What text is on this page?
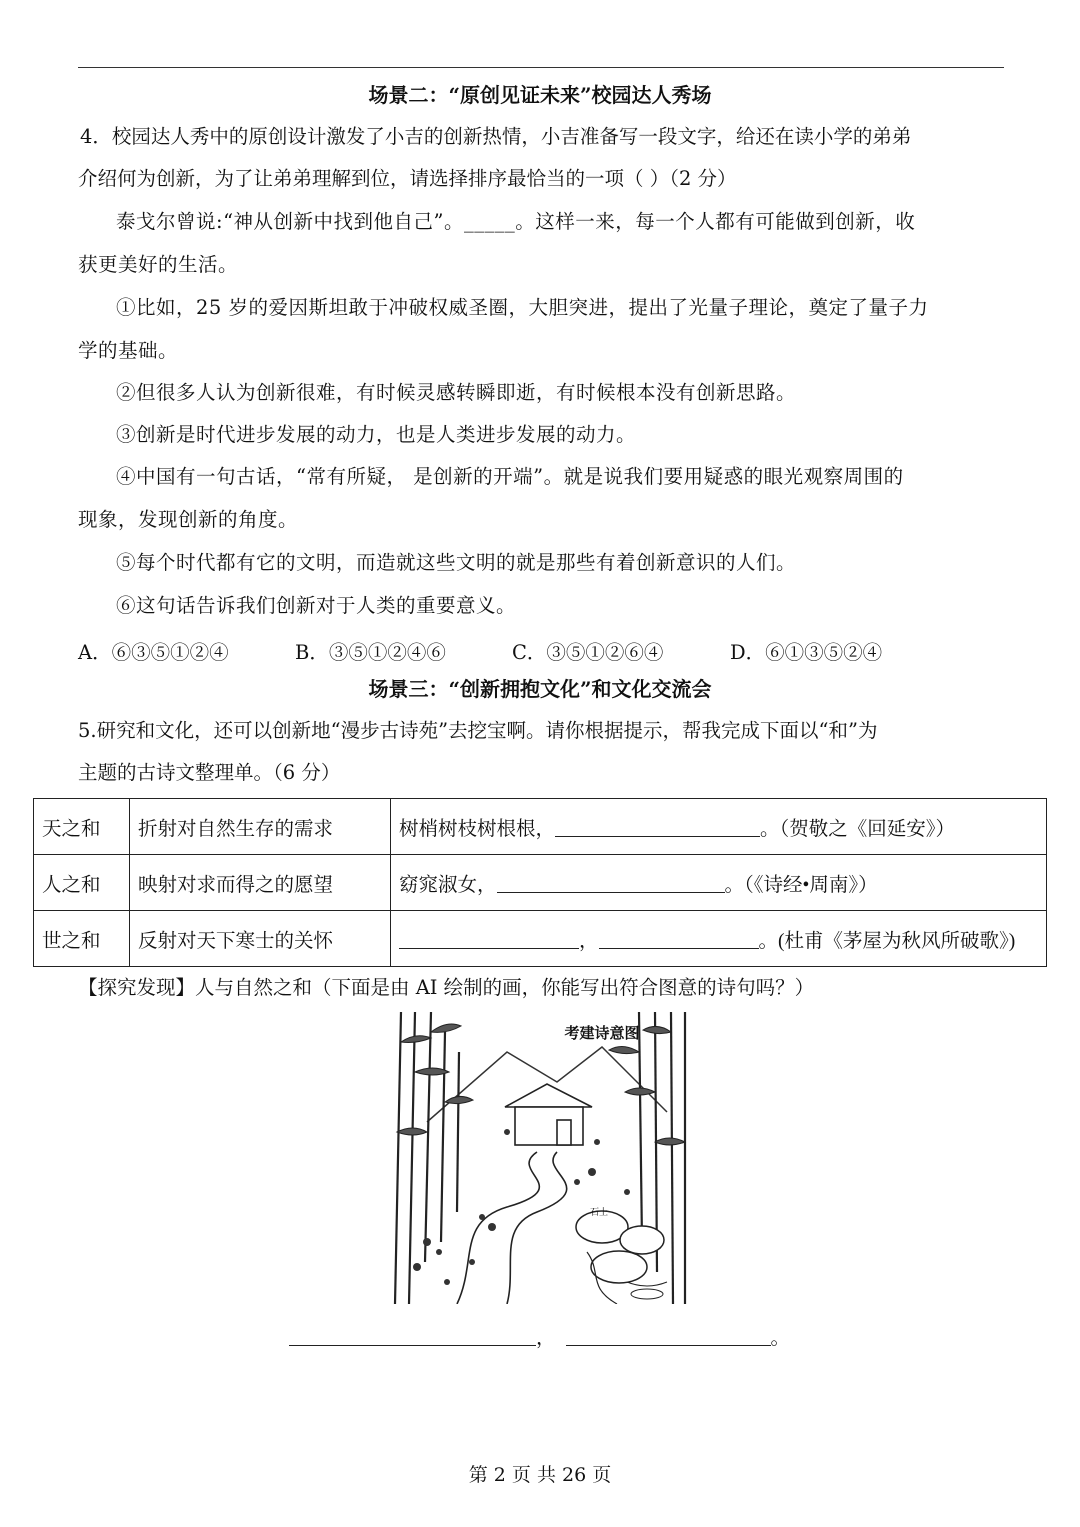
场景二：“原创见证未来”校园达人秀场
4．校园达人秀中的原创设计激发了小吉的创新热情，小吉准备写一段文字，给还在读小学的弟弟
介绍何为创新，为了让弟弟理解到位，请选择排序最恰当的一项（ ）（2 分）
泰戈尔曾说:“神从创新中找到他自己”。_____。这样一来，每一个人都有可能做到创新，收
获更美好的生活。
①比如，25 岁的爱因斯坦敢于冲破权威圣圈，大胆突进，提出了光量子理论，奠定了量子力
学的基础。
②但很多人认为创新很难，有时候灵感转瞬即逝，有时候根本没有创新思路。
③创新是时代进步发展的动力，也是人类进步发展的动力。
④中国有一句古话，“常有所疑， 是创新的开端”。就是说我们要用疑惑的眼光观察周围的
现象，发现创新的角度。
⑤每个时代都有它的文明，而造就这些文明的就是那些有着创新意识的人们。
⑥这句话告诉我们创新对于人类的重要意义。
A．⑥③⑤①②④	B．③⑤①②④⑥	C．③⑤①②⑥④	D．⑥①③⑤②④
场景三：“创新拥抱文化”和文化交流会
5.研究和文化，还可以创新地“漫步古诗苑”去挖宝啊。请你根据提示，帮我完成下面以“和”为
主题的古诗文整理单。（6 分）
天之和	折射对自然生存的需求	树梢树枝树根根， 。（贺敬之《回延安》）
人之和	映射对求而得之的愿望	窈窕淑女， 。（《诗经•周南》）
世之和	反射对天下寒士的关怀	， 。(杜甫《茅屋为秋风所破歌》)
【探究发现】人与自然之和（下面是由 AI 绘制的画，你能写出符合图意的诗句吗？）
考建诗意图
石上
，	。
第 2 页 共 26 页
